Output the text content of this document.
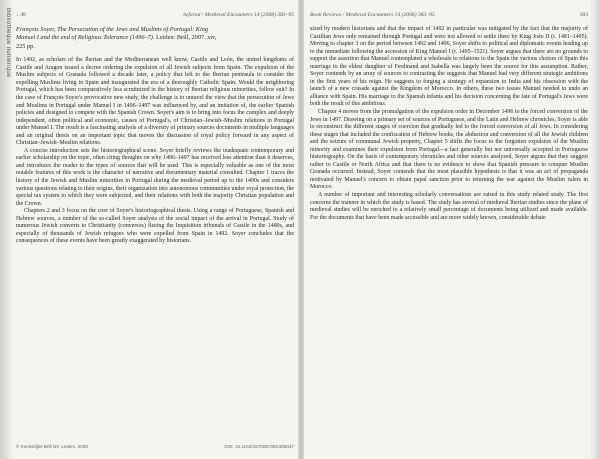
Bibliothèque numérique ↓ 48	Sefarad / Medieval Encounters 14 (2008) 383–95
François Soyer, The Persecution of the Jews and Muslims of Portugal: King Manuel I and the end of Religious Tolerance (1496–7). Leiden: Brill, 2007. xiv, 225 pp.

In 1492, as scholars of the Iberian and the Mediterranean well know, Castile and León, the united kingdoms of Castile and Aragon issued a decree ordering the expulsion of all Jewish subjects from Spain. The expulsion of the Muslim subjects of Granada followed a decade later, a policy that left to the Iberian peninsula to consider the expelling Muslims living in Spain and inaugurated the era of a thoroughly Catholic Spain. Would the neighboring Portugal, which has been comparatively less scrutinized in the history of Iberian religious minorities, follow suit? In the case of François Soyer's provocative new study, the challenge is to unravel the view that the persecution of Jews and Muslims in Portugal under Manuel I in 1496–1497 was influenced by, and an imitation of, the earlier Spanish policies and designed to compete with the Spanish Crown. Soyer's aim is to bring into focus the complex and deeply independent, often political and economic, causes of Portugal's, of Christian–Jewish–Muslim relations in Portugal under Manuel I. The result is a fascinating analysis of a diversity of primary sources documents in multiple languages and an original thesis on an important topic that moves the discussion of royal policy forward in any aspect of Christian–Jewish–Muslim relations.

A concise introduction sets the historiographical scene. Soyer briefly reviews the inadequate contemporary and earlier scholarship on the topic, often citing thoughts on why 1496–1497 has received less attention than it deserves, and introduces the reader to the types of sources that will be used. This is especially valuable as one of the most notable features of this work is the character of narrative and documentary material consulted. Chapter 1 traces the history of the Jewish and Muslim minorities in Portugal during the medieval period up to the 1490s and considers various questions relating to their origins, their organization into autonomous communities under royal protection, the special tax system to which they were subjected, and their relations with both the majority Christian population and the Crown.

Chapters 2 and 3 focus on the core of Soyer's historiographical thesis. Using a range of Portuguese, Spanish and Hebrew sources, a number of the so-called Soyer analysts of the social impact of the arrival in Portugal. Study of numerous Jewish converts to Christianity (conversos) fleeing the Inquisition tribunals of Castile in the 1480s, and especially of thousands of Jewish refugees who were expelled from Spain in 1492. Soyer concludes that the consequences of these events have been greatly exaggerated by historians.

© Koninklijke Brill NV, Leiden, 2008	DOI: 10.1163/157006708X366047
Book Reviews / Medieval Encounters 14 (2008) 383–95	383

sized by modern historians and that the impact of 1492 in particular was mitigated by the fact that the majority of Castilian Jews only remained through Portugal and were not allowed to settle there by King João II (r. 1481–1495). Moving to chapter 3 on the period between 1492 and 1496, Soyer shifts to political and diplomatic events leading up to the immediate following the accession of King Manuel I (r. 1495–1521). Soyer argues that there are no grounds to support the assertion that Manuel contemplated a wholesale to relations to the Spain the various choices of Spain this marriage to the eldest daughter of Ferdinand and Isabella was largely been the source for this assumption. Rather, Soyer contends by an array of sources to contrasting the suggests that Manuel had very different strategic ambitions in the first years of his reign. He suggests to forging a strategy of expansion to India and his obsession with the launch of a new crusade against the Kingdom of Morocco. In others, these two issues Manuel needed to undo an alliance with Spain. His marriage to the Spanish infanta and his decision concerning the fate of Portugal's Jews were both the result of this ambitious.

Chapter 4 moves from the promulgation of the expulsion order in December 1496 to the forced conversion of the Jews in 1497. Drawing on a primary set of sources of Portuguese, and the Latin and Hebrew chronicles, Soyer is able to reconstruct the different stages of coercion that gradually led to the forced conversion of all Jews. In considering these stages that included the confiscation of Hebrew books, the abduction and conversion of all the Jewish children and the seizure of communal Jewish property, Chapter 5 shifts the focus to the forgotten expulsion of the Muslim minority and examines their expulsion from Portugal—a fact generally but not universally accepted in Portuguese historiography. On the basis of contemporary chronicles and other sources analyzed, Soyer argues that they suggest rather to Castile or North Africa and that there is no evidence to show that Spanish pressure to conquer Muslim Granada occurred. Instead, Soyer contends that the most plausible hypothesis is that it was an act of propaganda motivated by Manuel's concern to obtain papal sanction prior to returning the war against the Muslim rulers in Morocco.

A number of important and interesting scholarly conversations are raised in this study related study. The first concerns the manner in which the study is based. The study has several of medieval Iberian studies since the plane of medieval studies will be enriched to a relatively small percentage of documents being utilized and made available. For the documents that have been made accessible and are more widely known, considerable debate
